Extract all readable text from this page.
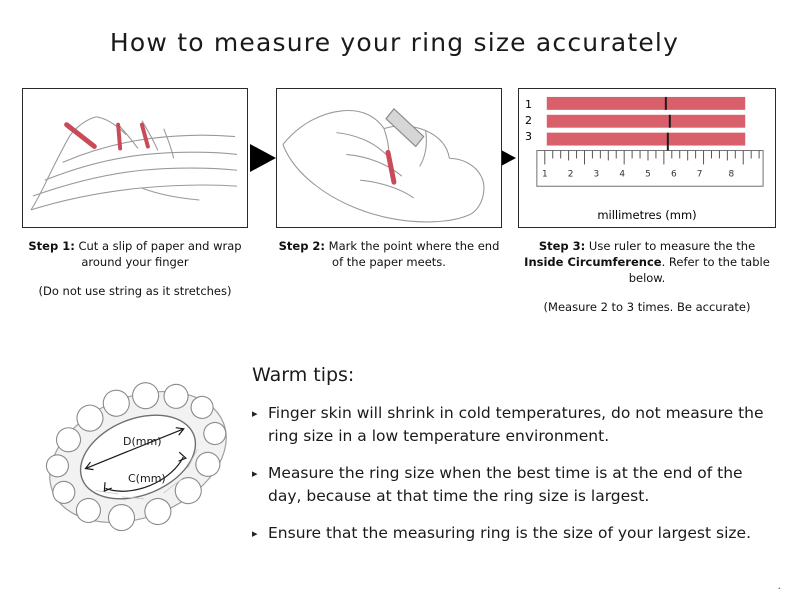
How to measure your ring size accurately
Step 1: Cut a slip of paper and wrap around your finger
(Do not use string as it stretches)
Step 2: Mark the point where the end of the paper meets.
1 2 3 4 5 6 7	8
1
2
3
millimetres (mm)
Step 3: Use ruler to measure the the Inside Circumference. Refer to the table below.
(Measure 2 to 3 times. Be accurate)
D(mm)
C(mm)
Warm tips:
▸ Finger skin will shrink in cold temperatures, do not measure the ring size in a low temperature environment.
▸ Measure the ring size when the best time is at the end of the day, because at that time the ring size is largest.
▸ Ensure that the measuring ring is the size of your largest size.
.
